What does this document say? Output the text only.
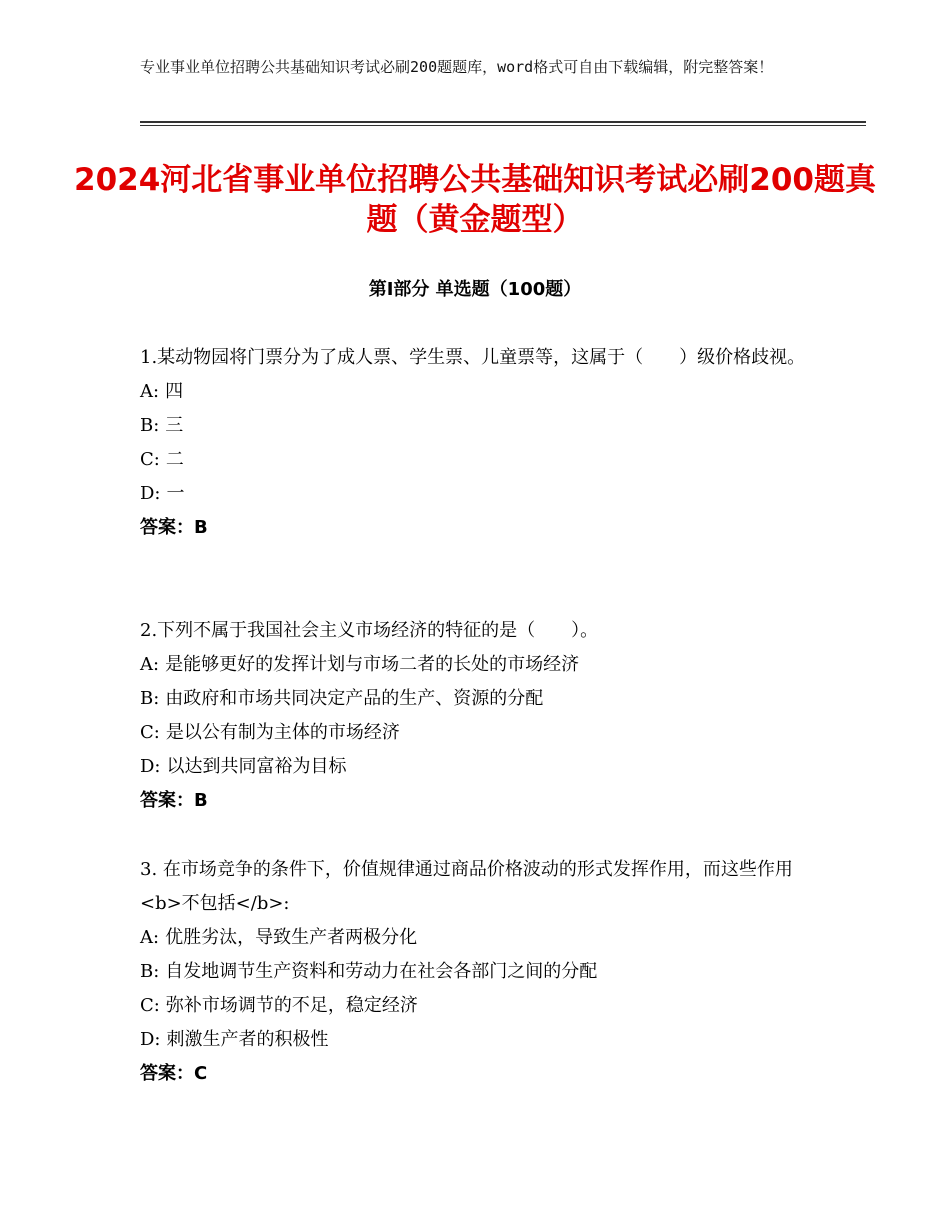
专业事业单位招聘公共基础知识考试必刷200题题库，word格式可自由下载编辑，附完整答案！
2024河北省事业单位招聘公共基础知识考试必刷200题真题（黄金题型）
第Ⅰ部分 单选题（100题）
1.某动物园将门票分为了成人票、学生票、儿童票等，这属于（　　）级价格歧视。
A: 四
B: 三
C: 二
D: 一
答案：B
2.下列不属于我国社会主义市场经济的特征的是（　　）。
A: 是能够更好的发挥计划与市场二者的长处的市场经济
B: 由政府和市场共同决定产品的生产、资源的分配
C: 是以公有制为主体的市场经济
D: 以达到共同富裕为目标
答案：B
3. 在市场竞争的条件下，价值规律通过商品价格波动的形式发挥作用，而这些作用<b>不包括</b>:
A: 优胜劣汰，导致生产者两极分化
B: 自发地调节生产资料和劳动力在社会各部门之间的分配
C: 弥补市场调节的不足，稳定经济
D: 刺激生产者的积极性
答案：C
